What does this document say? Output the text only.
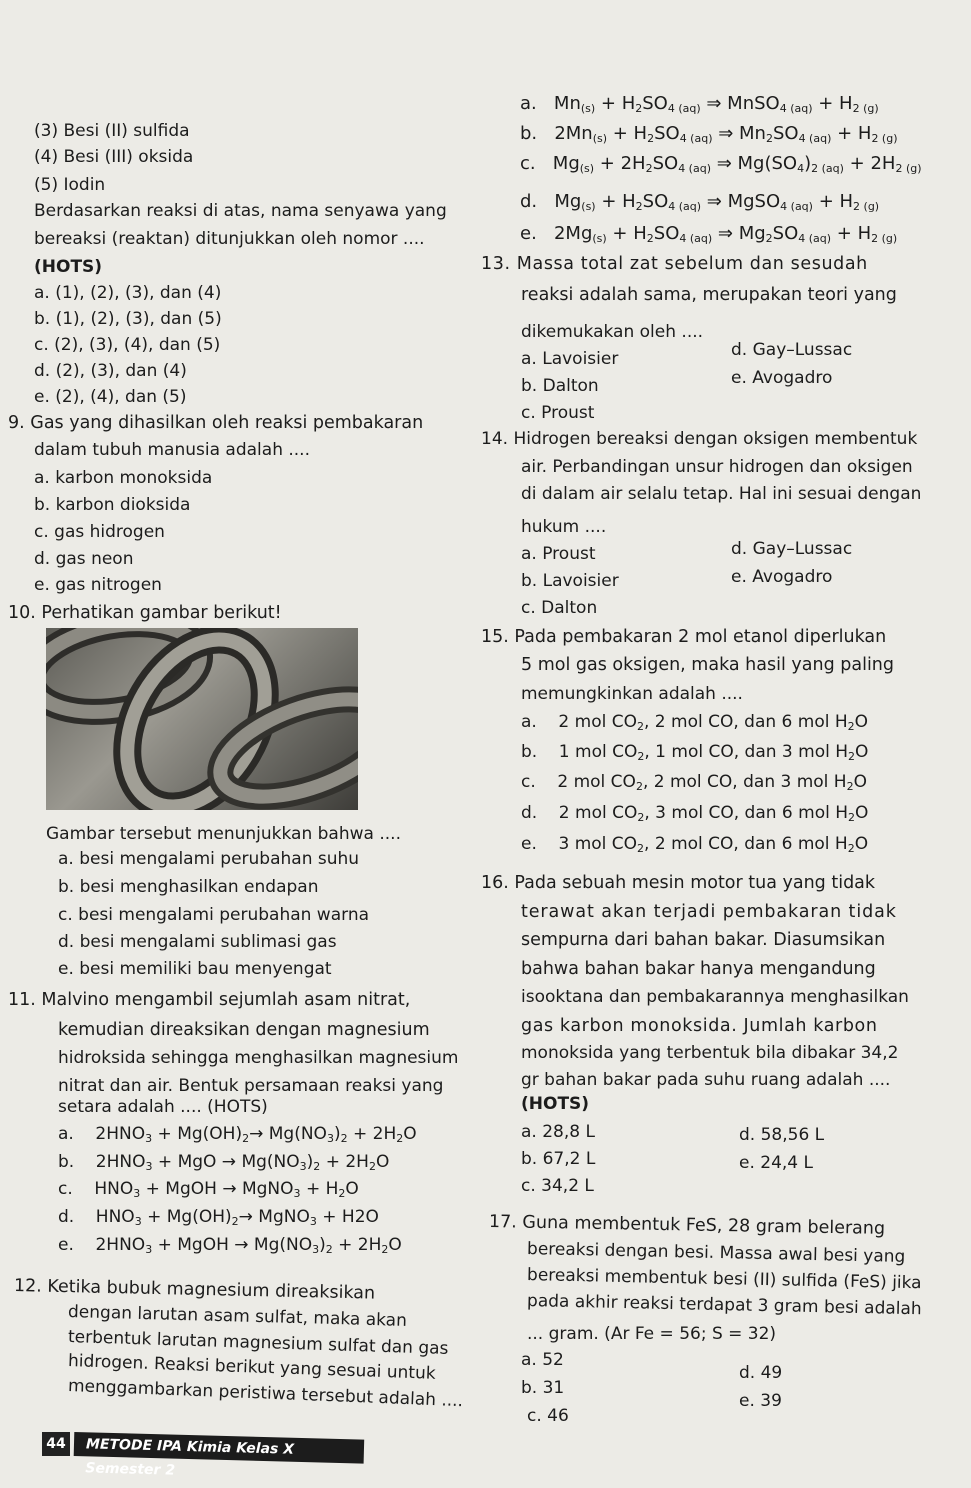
(3) Besi (II) sulfida
(4) Besi (III) oksida
(5) Iodin
Berdasarkan reaksi di atas, nama senyawa yang
bereaksi (reaktan) ditunjukkan oleh nomor ....
(HOTS)
a. (1), (2), (3), dan (4)
b. (1), (2), (3), dan (5)
c. (2), (3), (4), dan (5)
d. (2), (3), dan (4)
e. (2), (4), dan (5)
9. Gas yang dihasilkan oleh reaksi pembakaran
dalam tubuh manusia adalah ....
a. karbon monoksida
b. karbon dioksida
c. gas hidrogen
d. gas neon
e. gas nitrogen
10. Perhatikan gambar berikut!
Gambar tersebut menunjukkan bahwa ....
a. besi mengalami perubahan suhu
b. besi menghasilkan endapan
c. besi mengalami perubahan warna
d. besi mengalami sublimasi gas
e. besi memiliki bau menyengat
11. Malvino mengambil sejumlah asam nitrat,
kemudian direaksikan dengan magnesium
hidroksida sehingga menghasilkan magnesium
nitrat dan air. Bentuk persamaan reaksi yang
setara adalah .... (HOTS)
a.    $2HNO_3 + Mg(OH)_2\to Mg(NO_3)_2 + 2H_2O$
b.    $2HNO_3$ + MgO → $Mg(NO_3)_2 + 2H_2O$
c.    $HNO_3$ + MgOH → MgNO$_3$ + $H_2O$
d.    $HNO_3 + Mg(OH)_2\to$ MgNO$_3$ + H2O
e.    $2HNO_3$ + MgOH → $Mg(NO_3)_2 + 2H_2O$
12. Ketika bubuk magnesium direaksikan
dengan larutan asam sulfat, maka akan
terbentuk larutan magnesium sulfat dan gas
hidrogen. Reaksi berikut yang sesuai untuk
menggambarkan peristiwa tersebut adalah ....
44	METODE IPA Kimia Kelas X Semester 2
a.   $Mn_{(s)} + H_2SO_{4 (aq)}$ ⇒ MnSO$_{4 (aq)}$ + $H_{2 (g)}$
b.   $2Mn_{(s)} + H_2SO_{4 (aq)}$ ⇒ $Mn_2SO_{4 (aq)} + H_{2 (g)}$
c.   $Mg_{(s)} + 2H_2SO_{4 (aq)}$ ⇒ $Mg(SO_4)_{2 (aq)} + 2H_{2 (g)}$
d.   $Mg_{(s)} + H_2SO_{4 (aq)}$ ⇒ MgSO$_{4 (aq)}$ + $H_{2 (g)}$
e.   $2Mg_{(s)} + H_2SO_{4 (aq)}$ ⇒ $Mg_2SO_{4 (aq)} + H_{2 (g)}$
13. Massa total zat sebelum dan sesudah
reaksi adalah sama, merupakan teori yang
dikemukakan oleh ....
a. Lavoisier
b. Dalton
c. Proust
d. Gay–Lussac
e. Avogadro
14. Hidrogen bereaksi dengan oksigen membentuk
air. Perbandingan unsur hidrogen dan oksigen
di dalam air selalu tetap. Hal ini sesuai dengan
hukum ....
a. Proust
b. Lavoisier
c. Dalton
d. Gay–Lussac
e. Avogadro
15. Pada pembakaran 2 mol etanol diperlukan
5 mol gas oksigen, maka hasil yang paling
memungkinkan adalah ....
a.    2 mol $CO_2$, 2 mol CO, dan 6 mol $H_2O$
b.    1 mol $CO_2$, 1 mol CO, dan 3 mol $H_2O$
c.    2 mol $CO_2$, 2 mol CO, dan 3 mol $H_2O$
d.    2 mol $CO_2$, 3 mol CO, dan 6 mol $H_2O$
e.    3 mol $CO_2$, 2 mol CO, dan 6 mol $H_2O$
16. Pada sebuah mesin motor tua yang tidak
terawat akan terjadi pembakaran tidak
sempurna dari bahan bakar. Diasumsikan
bahwa bahan bakar hanya mengandung
isooktana dan pembakarannya menghasilkan
gas karbon monoksida. Jumlah karbon
monoksida yang terbentuk bila dibakar 34,2
gr bahan bakar pada suhu ruang adalah ....
(HOTS)
a. 28,8 L
b. 67,2 L
c. 34,2 L
d. 58,56 L
e. 24,4 L
17. Guna membentuk FeS, 28 gram belerang
bereaksi dengan besi. Massa awal besi yang
bereaksi membentuk besi (II) sulfida (FeS) jika
pada akhir reaksi terdapat 3 gram besi adalah
... gram. (Ar Fe = 56; S = 32)
a. 52
b. 31
c. 46
d. 49
e. 39
